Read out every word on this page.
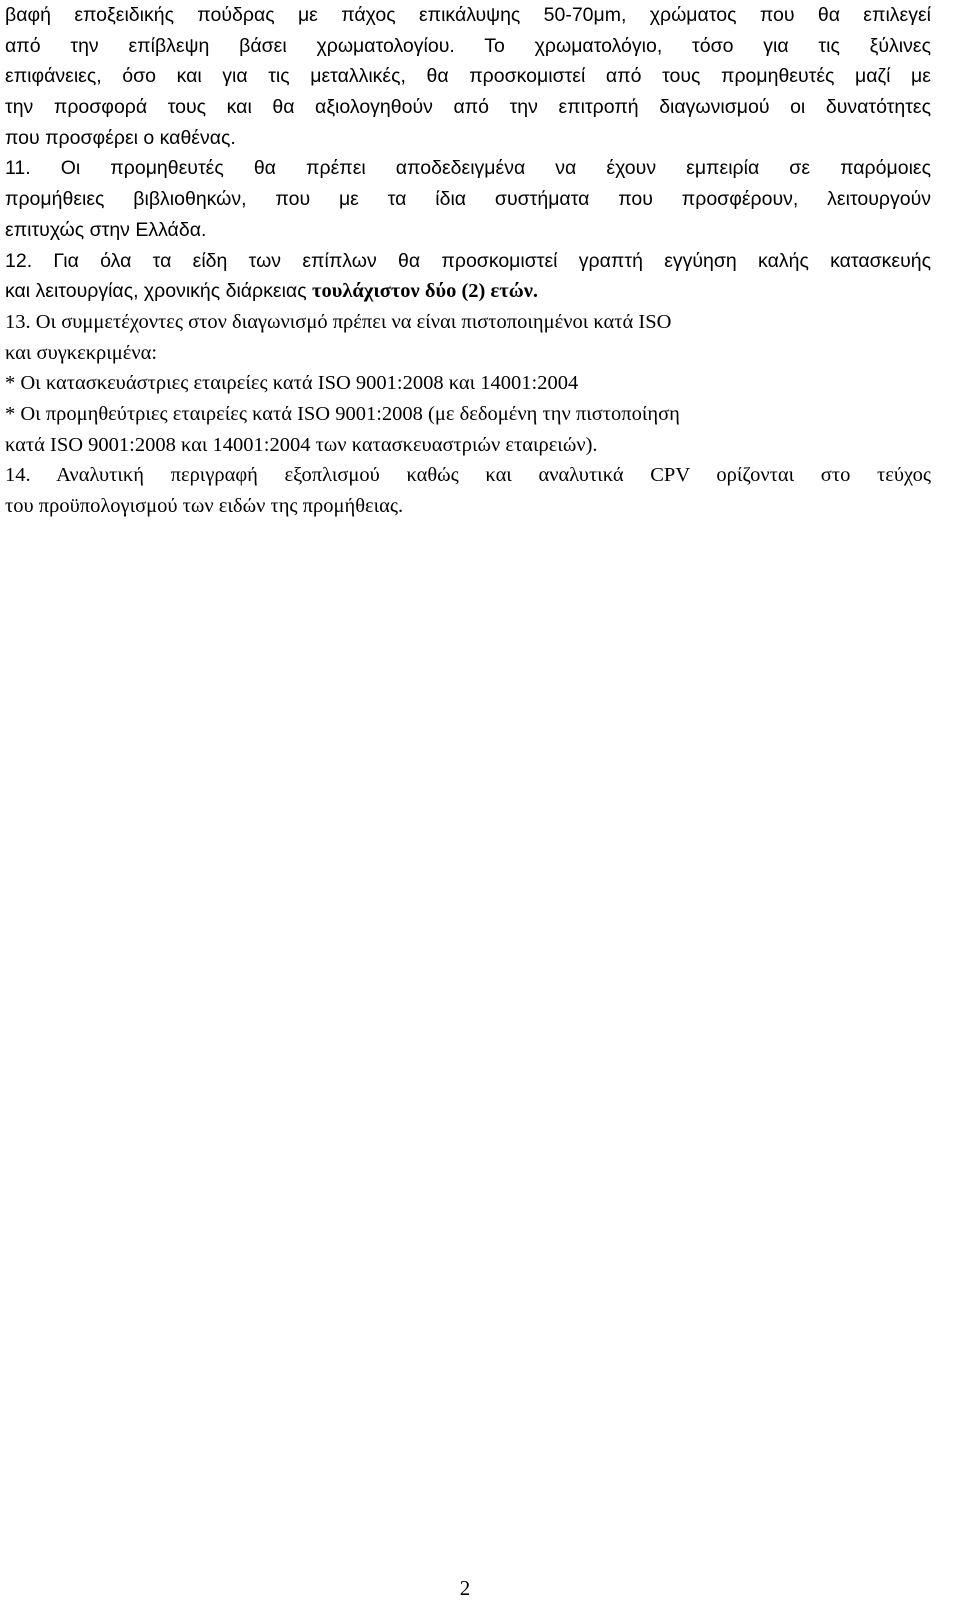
βαφή εποξειδικής πούδρας με πάχος επικάλυψης 50-70μm, χρώματος που θα επιλεγεί
από την επίβλεψη βάσει χρωματολογίου. Το χρωματολόγιο, τόσο για τις ξύλινες
επιφάνειες, όσο και για τις μεταλλικές, θα προσκομιστεί από τους προμηθευτές μαζί με
την προσφορά τους και θα αξιολογηθούν από την επιτροπή διαγωνισμού οι δυνατότητες
που προσφέρει ο καθένας.
11. Οι προμηθευτές θα πρέπει αποδεδειγμένα να έχουν εμπειρία σε παρόμοιες
προμήθειες βιβλιοθηκών, που με τα ίδια συστήματα που προσφέρουν, λειτουργούν
επιτυχώς στην Ελλάδα.
12. Για όλα τα είδη των επίπλων θα προσκομιστεί γραπτή εγγύηση καλής κατασκευής
και λειτουργίας, χρονικής διάρκειας τουλάχιστον δύο (2) ετών.
13. Οι συμμετέχοντες στον διαγωνισμό πρέπει να είναι πιστοποιημένοι κατά ISO
και συγκεκριμένα:
* Οι κατασκευάστριες εταιρείες κατά ISO 9001:2008 και 14001:2004
* Οι προμηθεύτριες εταιρείες κατά ISO 9001:2008 (με δεδομένη την πιστοποίηση
κατά ISO 9001:2008 και 14001:2004 των κατασκευαστριών εταιρειών).
14. Αναλυτική περιγραφή εξοπλισμού καθώς και αναλυτικά CPV ορίζονται στο τεύχος
του προϋπολογισμού των ειδών της προμήθειας.
2
